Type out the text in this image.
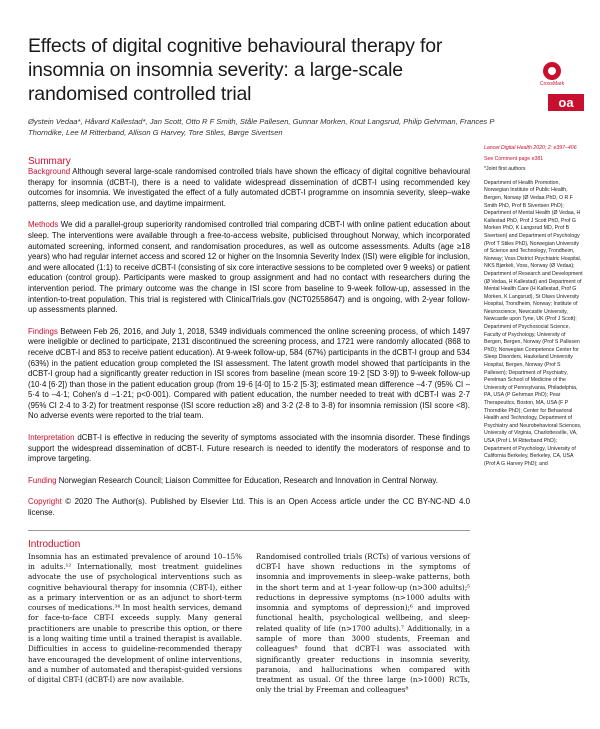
Effects of digital cognitive behavioural therapy for insomnia on insomnia severity: a large-scale randomised controlled trial	CrossMark
Øystein Vedaa*, Håvard Kallestad*, Jan Scott, Otto R F Smith, Ståle Pallesen, Gunnar Morken, Knut Langsrud, Philip Gehrman, Frances P Thorndike, Lee M Ritterband, Allison G Harvey, Tore Stiles, Børge Sivertsen
oa
Summary

Background Although several large-scale randomised controlled trials have shown the efficacy of digital cognitive behavioural therapy for insomnia (dCBT-I), there is a need to validate widespread dissemination of dCBT-I using recommended key outcomes for insomnia. We investigated the effect of a fully automated dCBT-I programme on insomnia severity, sleep–wake patterns, sleep medication use, and daytime impairment.

Methods We did a parallel-group superiority randomised controlled trial comparing dCBT-I with online patient education about sleep. The interventions were available through a free-to-access website, publicised throughout Norway, which incorporated automated screening, informed consent, and randomisation procedures, as well as outcome assessments. Adults (age ≥18 years) who had regular internet access and scored 12 or higher on the Insomnia Severity Index (ISI) were eligible for inclusion, and were allocated (1:1) to receive dCBT-I (consisting of six core interactive sessions to be completed over 9 weeks) or patient education (control group). Participants were masked to group assignment and had no contact with researchers during the intervention period. The primary outcome was the change in ISI score from baseline to 9-week follow-up, assessed in the intention-to-treat population. This trial is registered with ClinicalTrials.gov (NCT02558647) and is ongoing, with 2-year follow-up assessments planned.

Findings Between Feb 26, 2016, and July 1, 2018, 5349 individuals commenced the online screening process, of which 1497 were ineligible or declined to participate, 2131 discontinued the screening process, and 1721 were randomly allocated (868 to receive dCBT-I and 853 to receive patient education). At 9-week follow-up, 584 (67%) participants in the dCBT-I group and 534 (63%) in the patient education group completed the ISI assessment. The latent growth model showed that participants in the dCBT-I group had a significantly greater reduction in ISI scores from baseline (mean score 19·2 [SD 3·9]) to 9-week follow-up (10·4 [6·2]) than those in the patient education group (from 19·6 [4·0] to 15·2 [5·3]; estimated mean difference –4·7 (95% CI –5·4 to –4·1; Cohen's d –1·21; p<0·001). Compared with patient education, the number needed to treat with dCBT-I was 2·7 (95% CI 2·4 to 3·2) for treatment response (ISI score reduction ≥8) and 3·2 (2·8 to 3·8) for insomnia remission (ISI score <8). No adverse events were reported to the trial team.

Interpretation dCBT-I is effective in reducing the severity of symptoms associated with the insomnia disorder. These findings support the widespread dissemination of dCBT-I. Future research is needed to identify the moderators of response and to improve targeting.

Funding Norwegian Research Council; Liaison Committee for Education, Research and Innovation in Central Norway.

Copyright © 2020 The Author(s). Published by Elsevier Ltd. This is an Open Access article under the CC BY-NC-ND 4.0 license.

Introduction

Insomnia has an estimated prevalence of around 10–15% in adults.¹² Internationally, most treatment guidelines advocate the use of psychological interventions such as cognitive behavioural therapy for insomnia (CBT-I), either as a primary intervention or as an adjunct to short-term courses of medications.³⁴ In most health services, demand for face-to-face CBT-I exceeds supply. Many general practitioners are unable to prescribe this option, or there is a long waiting time until a trained therapist is available. Difficulties in access to guideline-recommended therapy have encouraged the development of online interventions, and a number of automated and therapist-guided versions of digital CBT-I (dCBT-I) are now available.

Randomised controlled trials (RCTs) of various versions of dCBT-I have shown reductions in the symptoms of insomnia and improvements in sleep–wake patterns, both in the short term and at 1-year follow-up (n>300 adults);⁵ reductions in depressive symptoms (n>1000 adults with insomnia and symptoms of depression);⁶ and improved functional health, psychological wellbeing, and sleep-related quality of life (n>1700 adults).⁷ Additionally, in a sample of more than 3000 students, Freeman and colleagues⁸ found that dCBT-I was associated with significantly greater reductions in insomnia severity, paranoia, and hallucinations when compared with treatment as usual. Of the three large (n>1000) RCTs, only the trial by Freeman and colleagues⁸

Lancet Digital Health 2020; 2: e397–406
See Comment page e381
*Joint first authors
Department of Health Promotion, Norwegian Institute of Public Health, Bergen, Norway (Ø Vedaa PhD, O R F Smith PhD, Prof B Sivertsen PhD); Department of Mental Health (Ø Vedaa, H Kallestad PhD, Prof J Scott PhD, Prof G Morken PhD, K Langsrud MD, Prof B Sivertsen) and Department of Psychology (Prof T Stiles PhD), Norwegian University of Science and Technology, Trondheim, Norway; Voss District Psychiatric Hospital, NKS Bjørkeli, Voss, Norway (Ø Vedaa); Department of Research and Development (Ø Vedaa, H Kallestad) and Department of Mental Health Care (H Kallestad, Prof G Morken, K Langsrud), St Olavs University Hospital, Trondheim, Norway; Institute of Neuroscience, Newcastle University, Newcastle upon Tyne, UK (Prof J Scott); Department of Psychosocial Science, Faculty of Psychology, University of Bergen, Bergen, Norway (Prof S Pallesen PhD); Norwegian Competence Center for Sleep Disorders, Haukeland University Hospital, Bergen, Norway (Prof S Pallesen); Department of Psychiatry, Perelman School of Medicine of the University of Pennsylvania, Philadelphia, PA, USA (P Gehrman PhD); Pear Therapeutics, Boston, MA, USA (F P Thorndike PhD); Center for Behavioral Health and Technology, Department of Psychiatry and Neurobehavioral Sciences, University of Virginia, Charlottesville, VA, USA (Prof L M Ritterband PhD); Department of Psychology, University of California Berkeley, Berkeley, CA, USA (Prof A G Harvey PhD); and
